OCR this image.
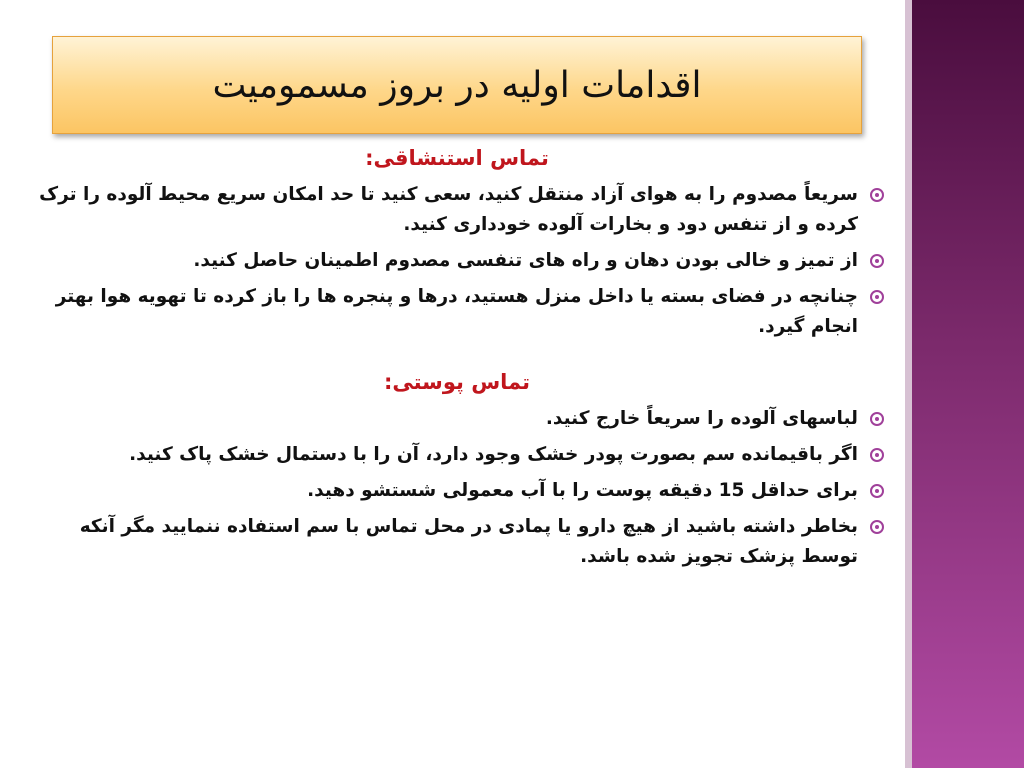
اقدامات اولیه در بروز مسمومیت
تماس استنشاقی:
سریعاً مصدوم را به هوای آزاد منتقل کنید، سعی کنید تا حد امکان سریع محیط آلوده را ترک کرده و از تنفس دود و بخارات آلوده خودداری کنید.
از تمیز و خالی بودن دهان و راه های تنفسی مصدوم اطمینان حاصل کنید.
چنانچه در فضای بسته یا داخل منزل هستید، درها و پنجره ها را باز کرده تا تهویه هوا بهتر انجام گیرد.
تماس پوستی:
لباسهای آلوده را سریعاً خارج کنید.
اگر باقیمانده سم بصورت پودر خشک وجود دارد، آن را با دستمال خشک پاک کنید.
برای حداقل 15 دقیقه پوست را با آب معمولی شستشو دهید.
بخاطر داشته باشید از هیچ دارو یا پمادی در محل تماس با سم استفاده ننمایید مگر آنکه توسط پزشک تجویز شده باشد.
